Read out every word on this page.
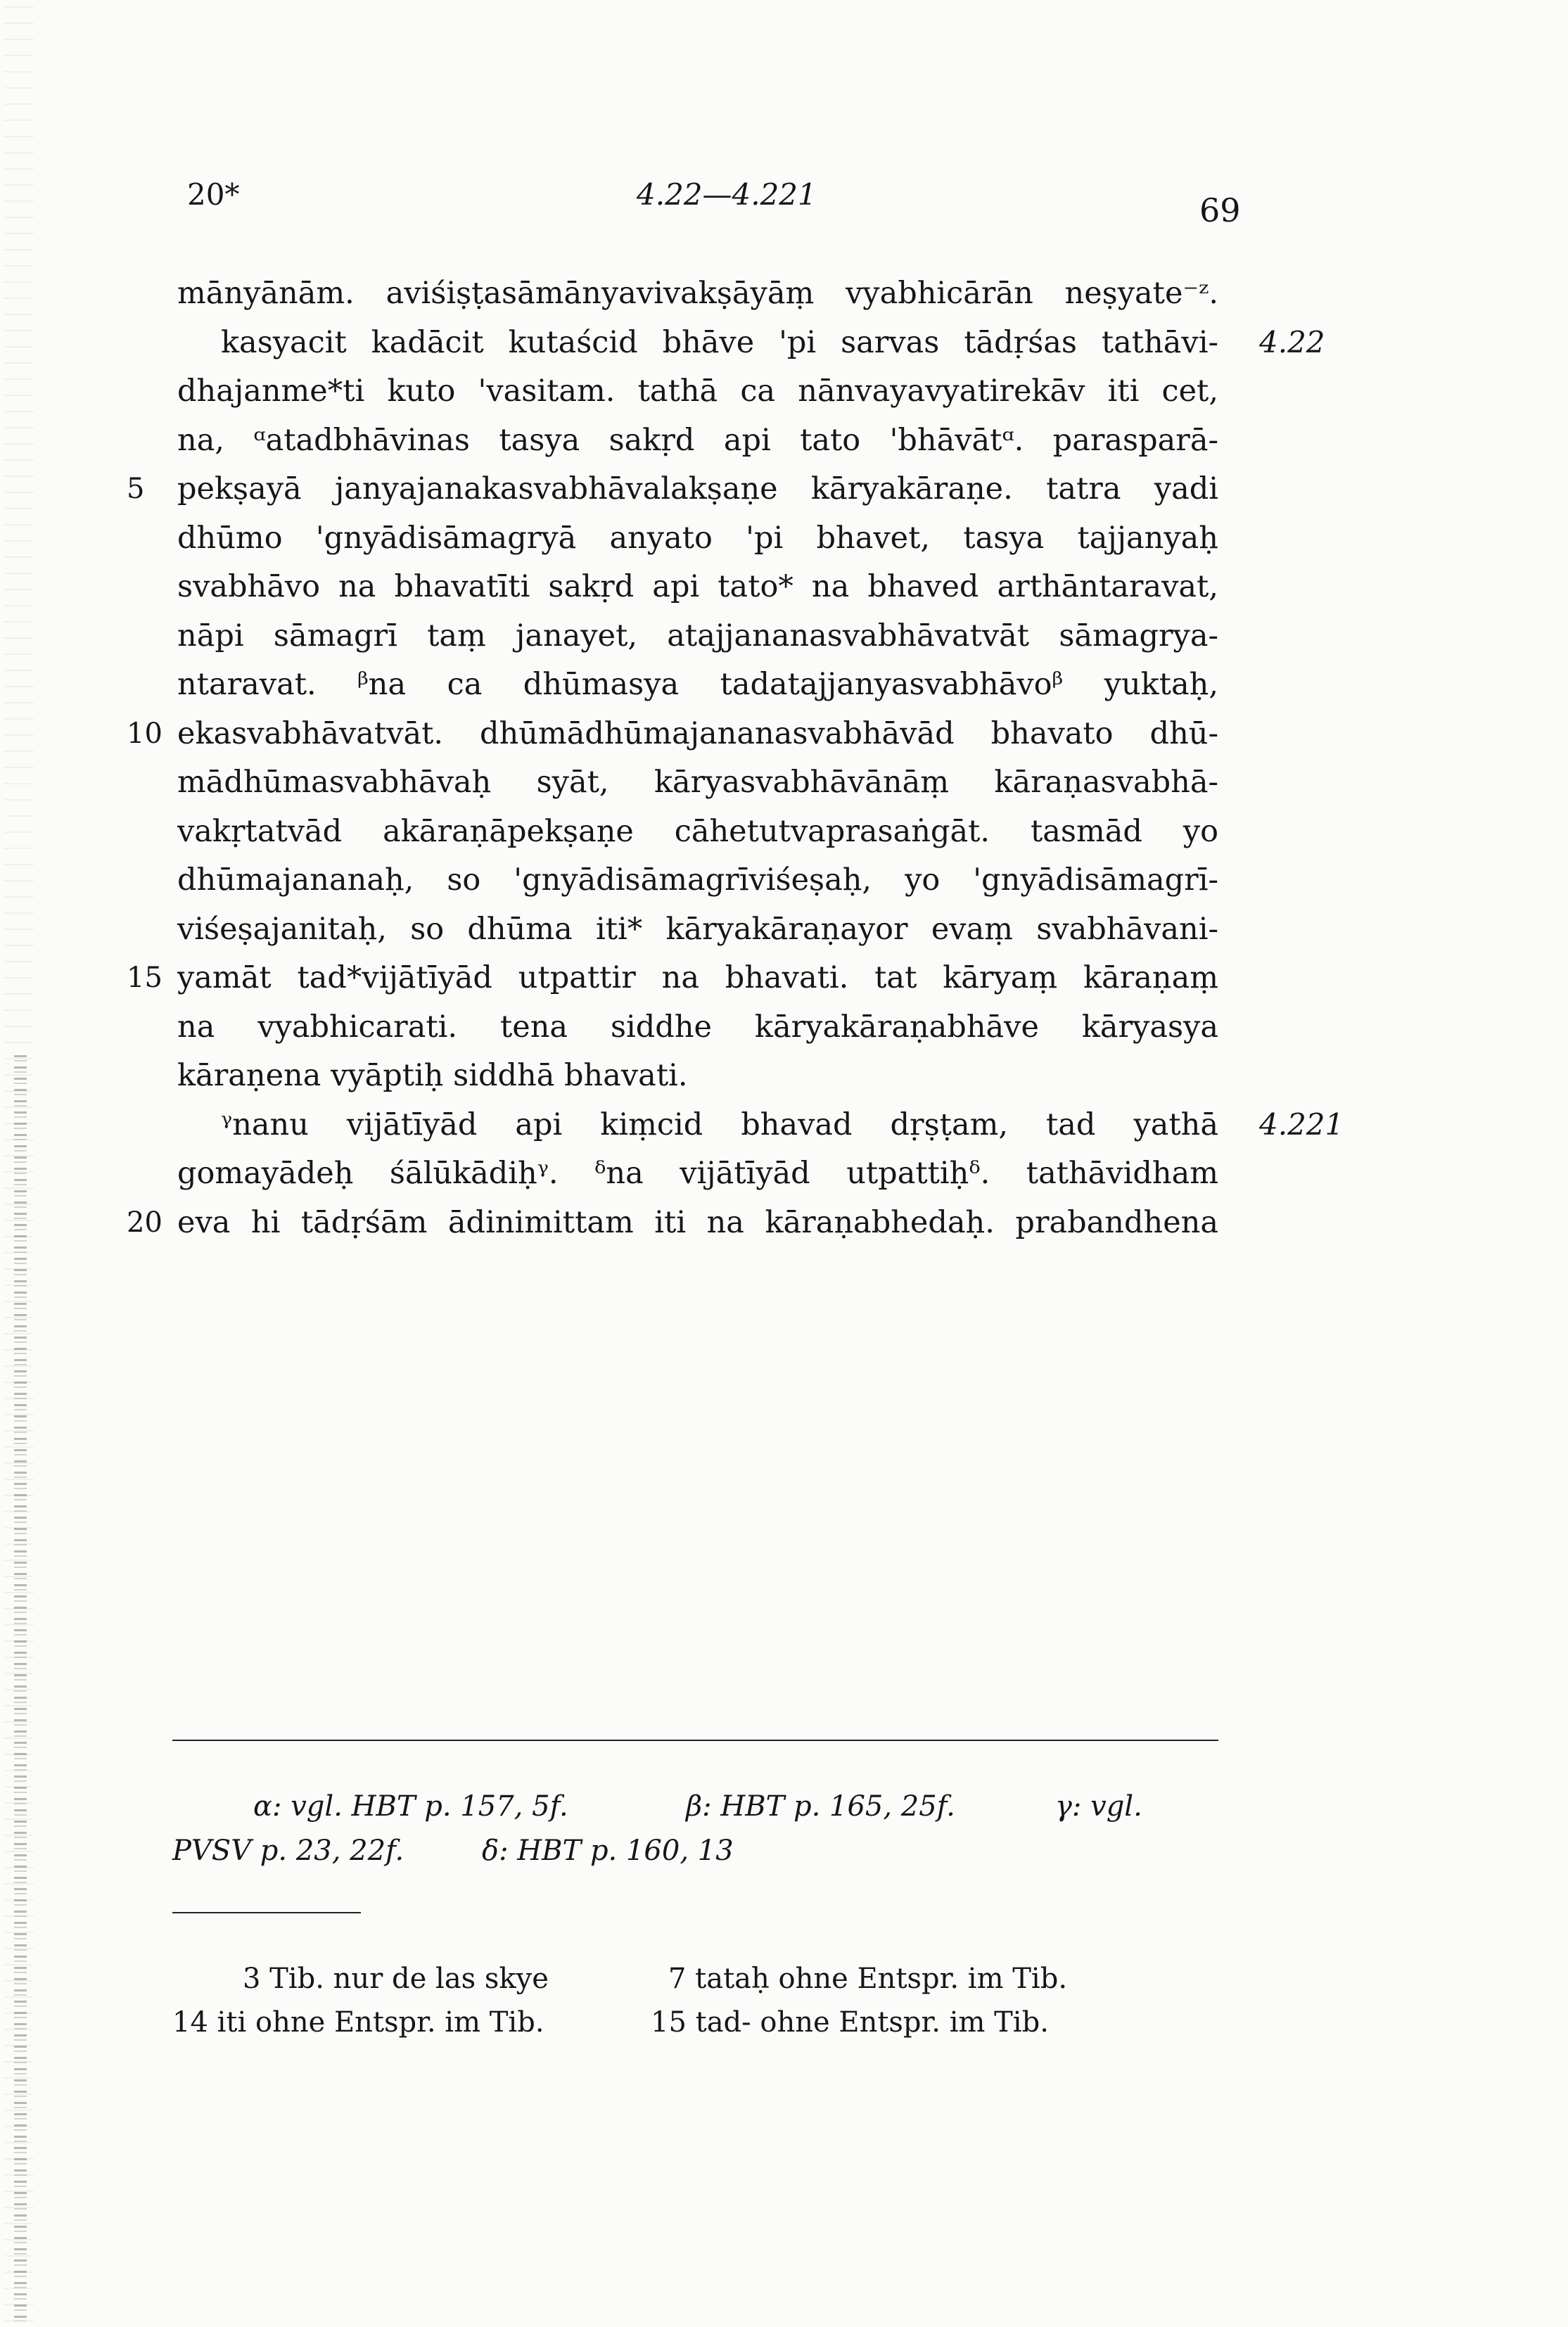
20*	4.22—4.221	69
mānyānām. aviśiṣṭasāmānyavivakṣāyāṃ vyabhicārān neṣyate⁻ᶻ.
kasyacit kadācit kutaścid bhāve 'pi sarvas tādṛśas tathāvi-
dhajanme*ti kuto 'vasitam. tathā ca nānvayavyatirekāv iti cet,
na, ᵅatadbhāvinas tasya sakṛd api tato 'bhāvātᵅ. parasparā-
pekṣayā janyajanakasvabhāvalakṣaṇe kāryakāraṇe. tatra yadi
dhūmo 'gnyādisāmagryā anyato 'pi bhavet, tasya tajjanyaḥ
svabhāvo na bhavatīti sakṛd api tato* na bhaved arthāntaravat,
nāpi sāmagrī taṃ janayet, atajjananasvabhāvatvāt sāmagrya-
ntaravat. ᵝna ca dhūmasya tadatajjanyasvabhāvoᵝ yuktaḥ,
ekasvabhāvatvāt. dhūmādhūmajananasvabhāvād bhavato dhū-
mādhūmasvabhāvaḥ syāt, kāryasvabhāvānāṃ kāraṇasvabhā-
vakṛtatvād akāraṇāpekṣaṇe cāhetutvaprasaṅgāt. tasmād yo
dhūmajananaḥ, so 'gnyādisāmagrīviśeṣaḥ, yo 'gnyādisāmagrī-
viśeṣajanitaḥ, so dhūma iti* kāryakāraṇayor evaṃ svabhāvani-
yamāt tad*vijātīyād utpattir na bhavati. tat kāryaṃ kāraṇaṃ
na vyabhicarati. tena siddhe kāryakāraṇabhāve kāryasya
kāraṇena vyāptiḥ siddhā bhavati.
ᵞnanu vijātīyād api kiṃcid bhavad dṛṣṭam, tad yathā
gomayādeḥ śālūkādiḥᵞ. ᵟna vijātīyād utpattiḥᵟ. tathāvidham
eva hi tādṛśām ādinimittam iti na kāraṇabhedaḥ. prabandhena
5
10
15
20
4.22
4.221
α: vgl. HBT p. 157, 5f.	β: HBT p. 165, 25f.	γ: vgl.
PVSV p. 23, 22f.	δ: HBT p. 160, 13
3 Tib. nur de las skye	7 tataḥ ohne Entspr. im Tib.
14 iti ohne Entspr. im Tib.	15 tad- ohne Entspr. im Tib.
